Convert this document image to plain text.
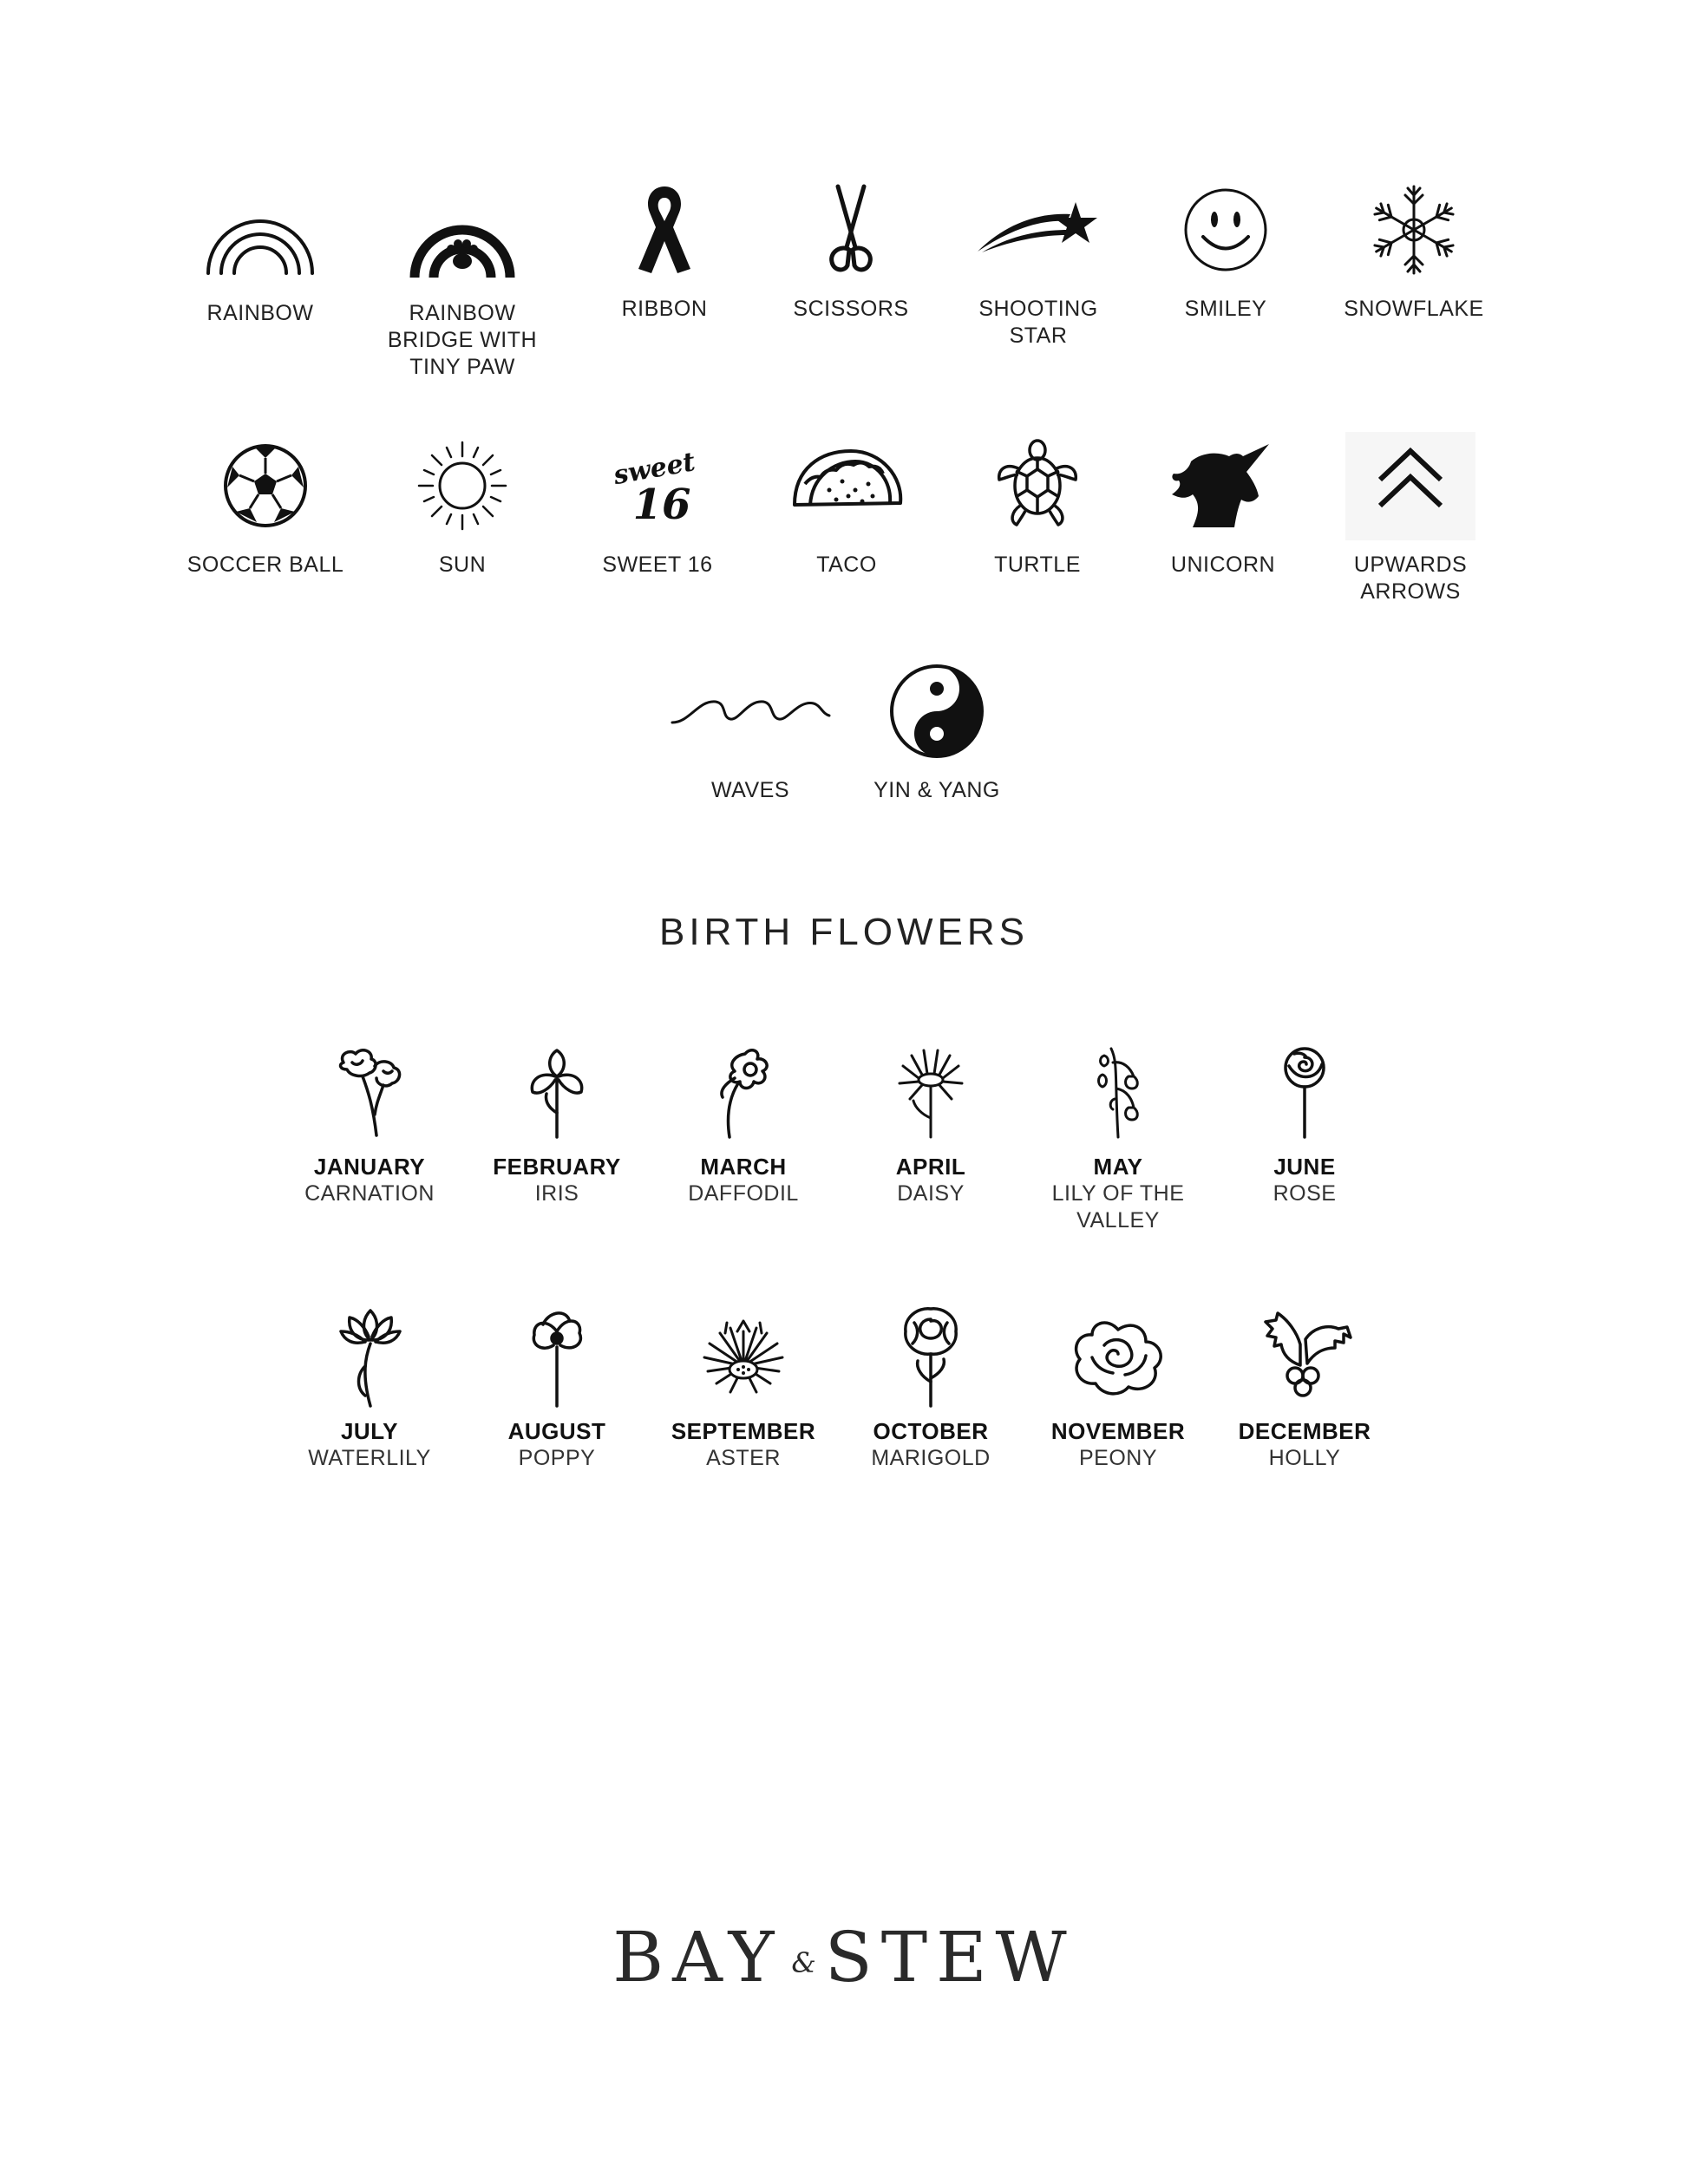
RAINBOW	RAINBOW
BRIDGE WITH
TINY PAW
RIBBON	SCISSORS	SHOOTING
STAR
SMILEY	SNOWFLAKE
SOCCER BALL	SUN
sweet
16
SWEET 16	TACO	TURTLE	UNICORN	UPWARDS
ARROWS
WAVES	YIN & YANG
BIRTH FLOWERS
JANUARY
CARNATION
FEBRUARY
IRIS
MARCH
DAFFODIL
APRIL
DAISY
MAY
LILY OF THE
VALLEY
JUNE
ROSE
JULY
WATERLILY
AUGUST
POPPY
SEPTEMBER
ASTER
OCTOBER
MARIGOLD
NOVEMBER
PEONY
DECEMBER
HOLLY
BAY & STEW
